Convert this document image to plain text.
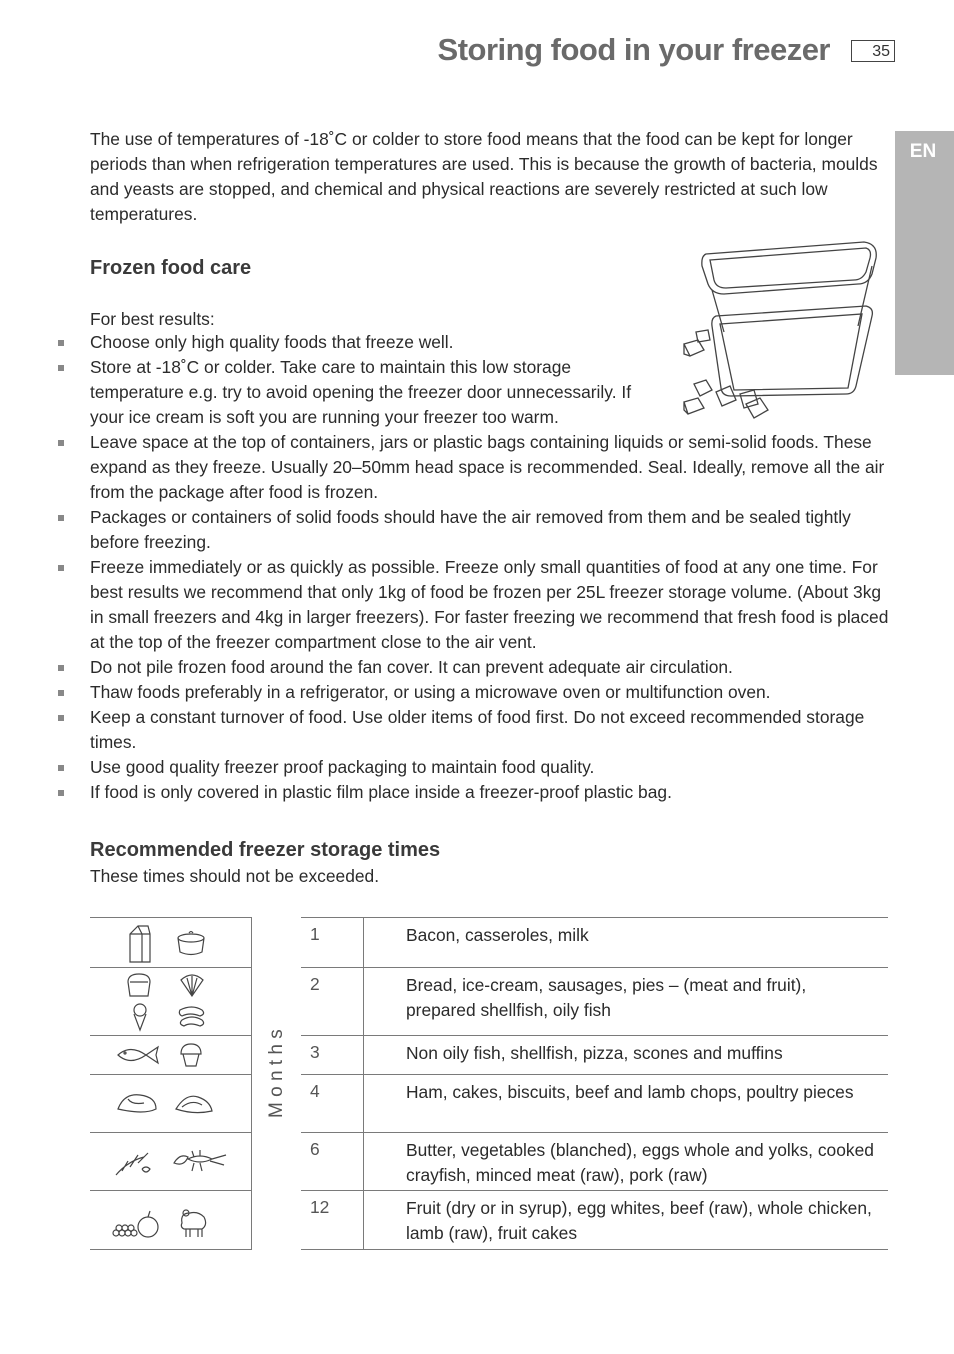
Storing food in your freezer	35
EN
The use of temperatures of -18˚C or colder to store food means that the food can be kept for longer periods than when refrigeration temperatures are used. This is because the growth of bacteria, moulds and yeasts are stopped, and chemical and physical reactions are severely restricted at such low temperatures.
Frozen food care
For best results:
Choose only high quality foods that freeze well.
Store at -18˚C or colder. Take care to maintain this low storage temperature e.g. try to avoid opening the freezer door unnecessarily. If your ice cream is soft you are running your freezer too warm.
Leave space at the top of containers, jars or plastic bags containing liquids or semi-solid foods. These expand as they freeze. Usually 20–50mm head space is recommended. Seal. Ideally, remove all the air from the package after food is frozen.
Packages or containers of solid foods should have the air removed from them and be sealed tightly before freezing.
Freeze immediately or as quickly as possible. Freeze only small quantities of food at any one time. For best results we recommend that only 1kg of food be frozen per 25L freezer storage volume. (About 3kg in small freezers and 4kg in larger freezers). For faster freezing we recommend that fresh food is placed at the top of the freezer compartment close to the air vent.
Do not pile frozen food around the fan cover. It can prevent adequate air circulation.
Thaw foods preferably in a refrigerator, or using a microwave oven or multifunction oven.
Keep a constant turnover of food. Use older items of food first. Do not exceed recommended storage times.
Use good quality freezer proof packaging to maintain food quality.
If food is only covered in plastic film place inside a freezer-proof plastic bag.
Recommended freezer storage times
These times should not be exceeded.
1	Bacon, casseroles, milk
2	Bread, ice-cream, sausages, pies – (meat and fruit), prepared shellfish, oily fish
3	Non oily fish, shellfish, pizza, scones and muffins
4	Ham, cakes, biscuits, beef and lamb chops, poultry pieces
6	Butter, vegetables (blanched), eggs whole and yolks, cooked crayfish, minced meat (raw), pork (raw)
12	Fruit (dry or in syrup), egg whites, beef (raw), whole chicken, lamb (raw), fruit cakes
M o n t h s
